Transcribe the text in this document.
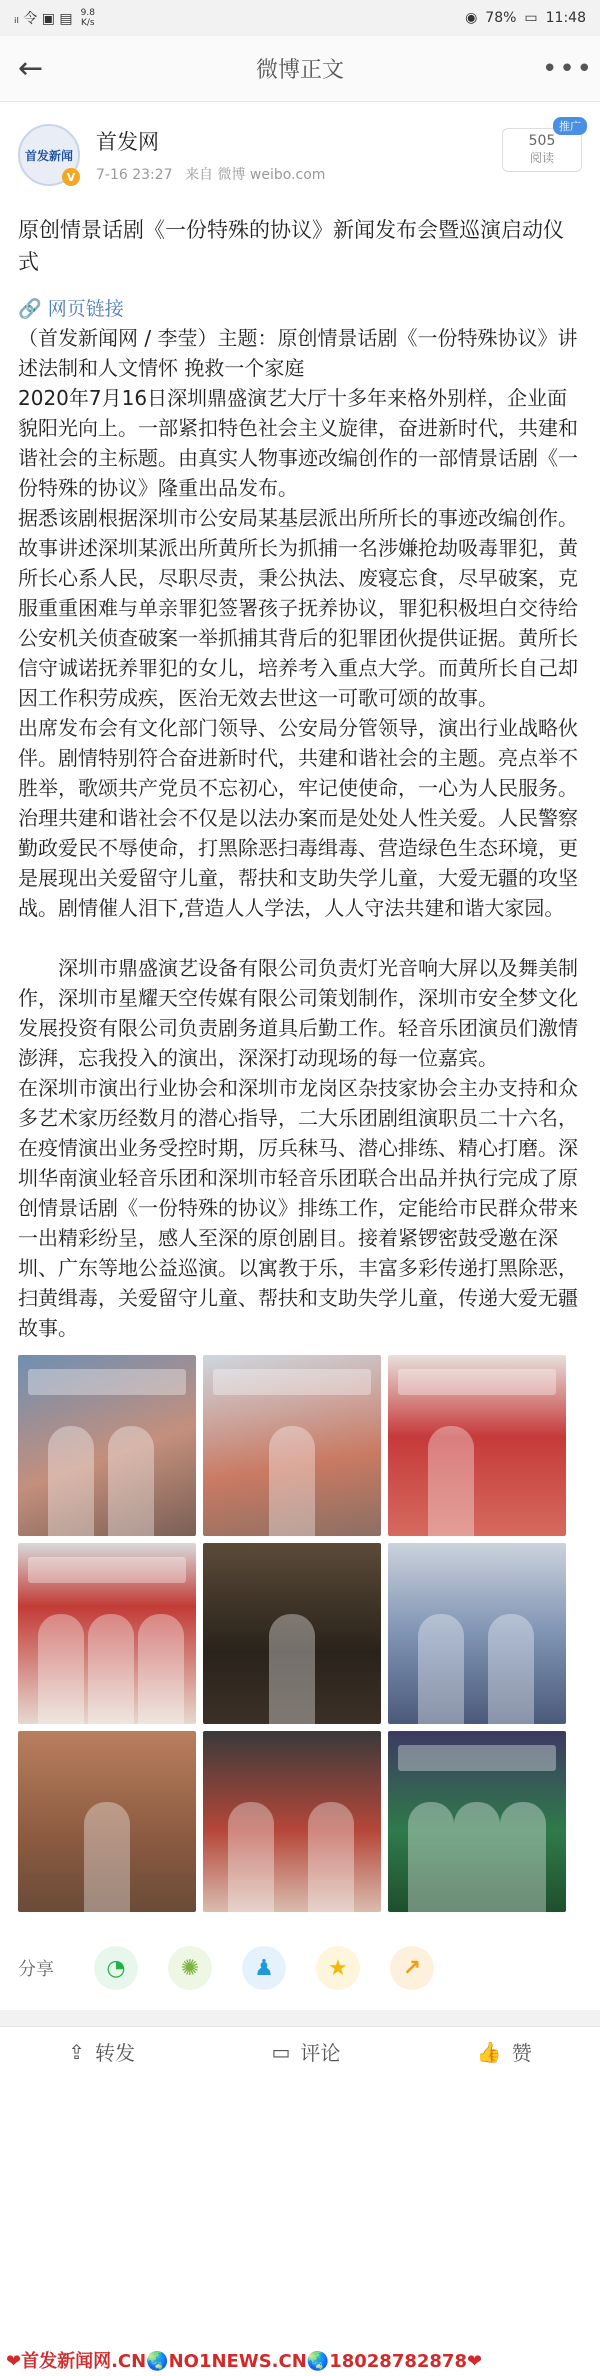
ᵢₗ 令 ▣ ▤ 9.8
K/s	◉ 78% ▭ 11:48
←	微博正文	•••
首发新闻
V
首发网
7-16 23:27 来自 微博 weibo.com
推广
505
阅读
原创情景话剧《一份特殊的协议》新闻发布会暨巡演启动仪式
🔗 网页链接

（首发新闻网 / 李莹）主题：原创情景话剧《一份特殊协议》讲述法制和人文情怀 挽救一个家庭

2020年7月16日深圳鼎盛演艺大厅十多年来格外别样，企业面貌阳光向上。一部紧扣特色社会主义旋律，奋进新时代，共建和谐社会的主标题。由真实人物事迹改编创作的一部情景话剧《一份特殊的协议》隆重出品发布。

据悉该剧根据深圳市公安局某基层派出所所长的事迹改编创作。故事讲述深圳某派出所黄所长为抓捕一名涉嫌抢劫吸毒罪犯，黄所长心系人民，尽职尽责，秉公执法、废寝忘食，尽早破案，克服重重困难与单亲罪犯签署孩子抚养协议，罪犯积极坦白交待给公安机关侦查破案一举抓捕其背后的犯罪团伙提供证据。黄所长信守诚诺抚养罪犯的女儿，培养考入重点大学。而黄所长自己却因工作积劳成疾，医治无效去世这一可歌可颂的故事。

出席发布会有文化部门领导、公安局分管领导，演出行业战略伙伴。剧情特别符合奋进新时代，共建和谐社会的主题。亮点举不胜举，歌颂共产党员不忘初心，牢记使使命，一心为人民服务。治理共建和谐社会不仅是以法办案而是处处人性关爱。人民警察勤政爱民不辱使命，打黑除恶扫毒缉毒、营造绿色生态环境，更是展现出关爱留守儿童，帮扶和支助失学儿童，大爱无疆的攻坚战。剧情催人泪下,营造人人学法，人人守法共建和谐大家园。

深圳市鼎盛演艺设备有限公司负责灯光音响大屏以及舞美制作，深圳市星耀天空传媒有限公司策划制作，深圳市安全梦文化发展投资有限公司负责剧务道具后勤工作。轻音乐团演员们激情澎湃，忘我投入的演出，深深打动现场的每一位嘉宾。

在深圳市演出行业协会和深圳市龙岗区杂技家协会主办支持和众多艺术家历经数月的潜心指导，二大乐团剧组演职员二十六名，在疫情演出业务受控时期，厉兵秣马、潜心排练、精心打磨。深圳华南演业轻音乐团和深圳市轻音乐团联合出品并执行完成了原创情景话剧《一份特殊的协议》排练工作，定能给市民群众带来一出精彩纷呈，感人至深的原创剧目。接着紧锣密鼓受邀在深圳、广东等地公益巡演。以寓教于乐，丰富多彩传递打黑除恶，扫黄缉毒，关爱留守儿童、帮扶和支助失学儿童，传递大爱无疆故事。

分享	◔	✺	♟	★	↗
⇪ 转发	▭ 评论	👍 赞
❤首发新闻网.CN🌏NO1NEWS.CN🌏18028782878❤
